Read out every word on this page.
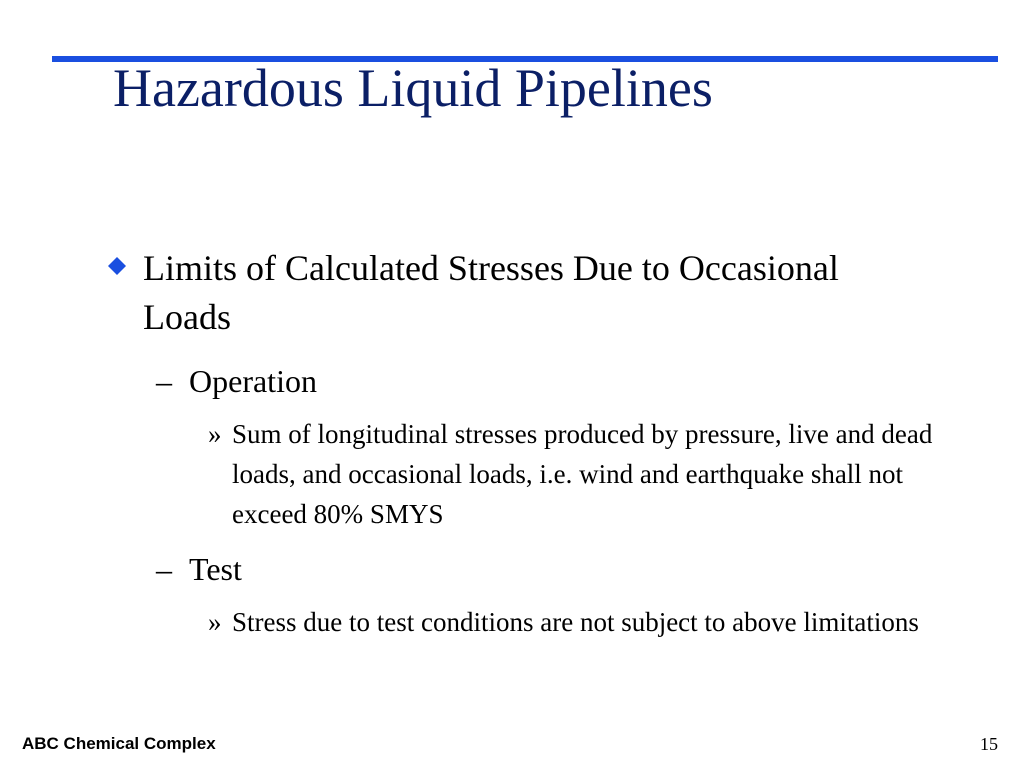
Hazardous Liquid Pipelines
Limits of Calculated Stresses Due to Occasional Loads
– Operation
» Sum of longitudinal stresses produced by pressure, live and dead loads, and occasional loads, i.e. wind and earthquake shall not exceed 80% SMYS
– Test
» Stress due to test conditions are not subject to above limitations
ABC Chemical Complex	15
